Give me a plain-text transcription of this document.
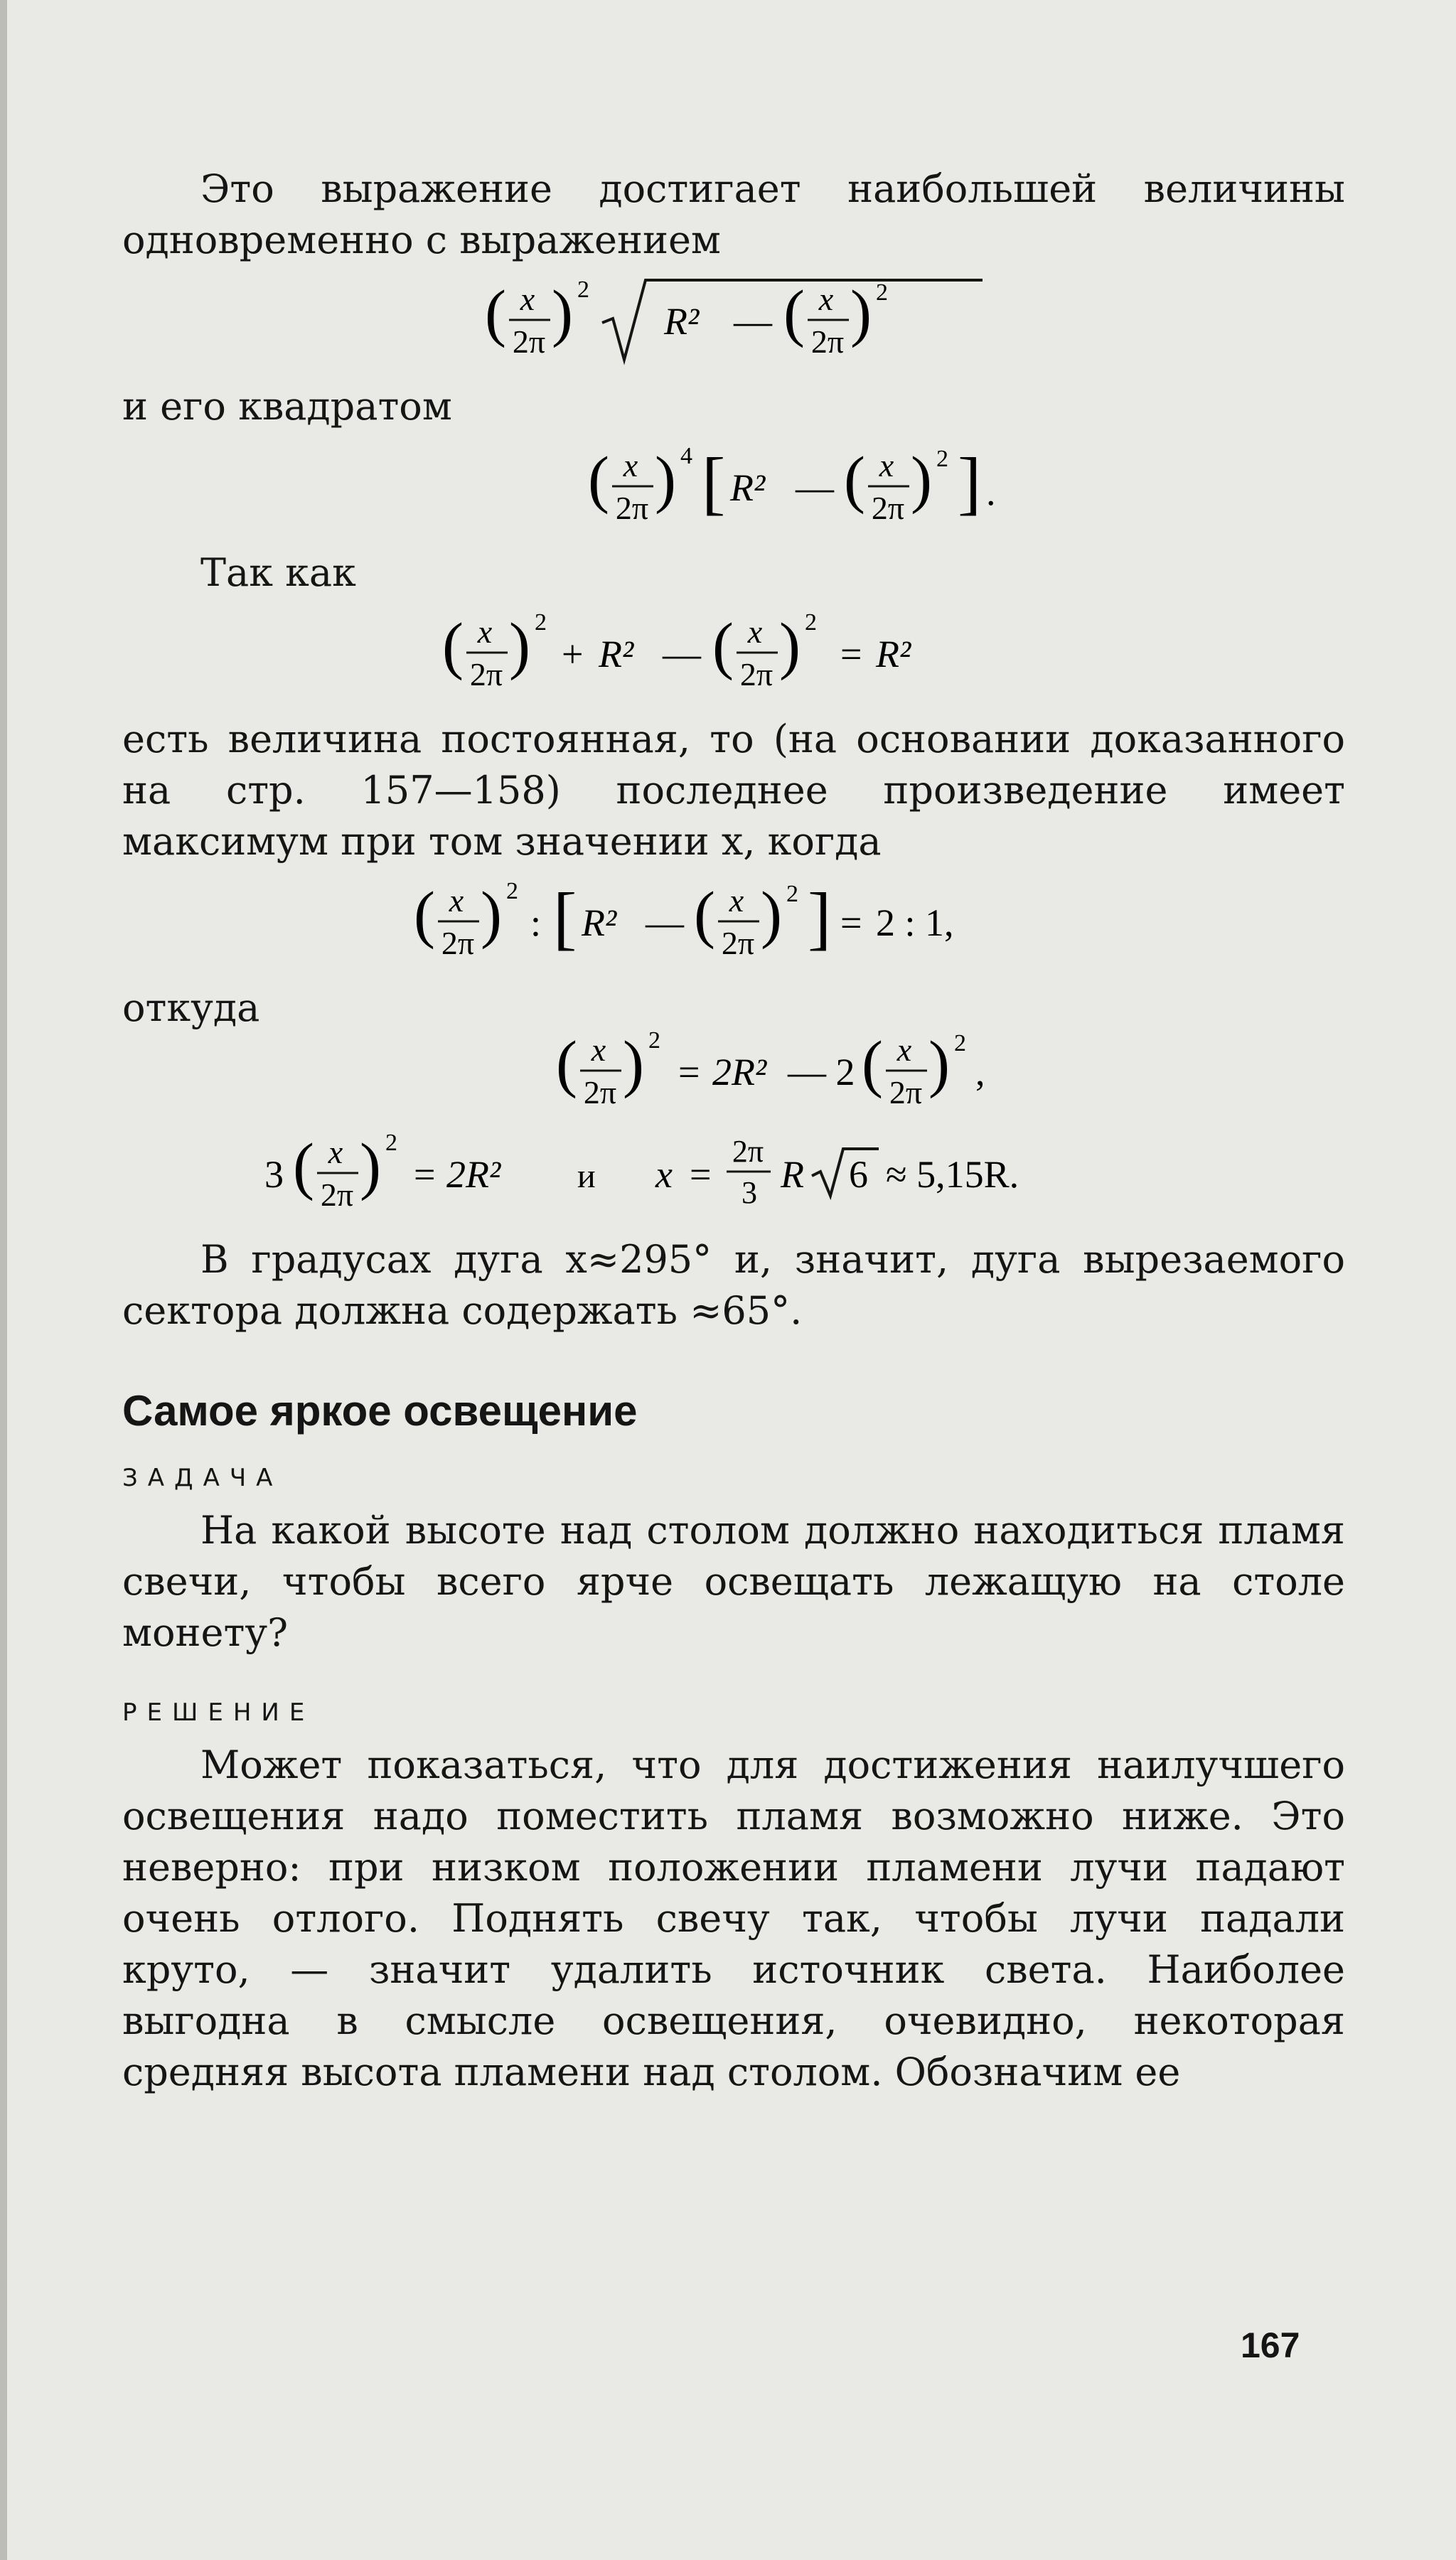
Это выражение достигает наибольшей величины одновременно с выражением

( x
2π ) 2
R² — ( x
2π ) 2

и его квадратом

( x
2π ) 4 [ R² — ( x
2π ) 2 ] .

Так как

( x
2π ) 2
+ R² — ( x
2π ) 2
= R²

есть величина постоянная, то (на основании доказанного на стр. 157—158) последнее произведение имеет максимум при том значении x, когда

( x
2π ) 2
: [ R² — ( x
2π ) 2 ] = 2 : 1,

откуда

( x
2π ) 2
= 2R² — 2 ( x
2π ) 2
,
3 ( x
2π ) 2
= 2R² и x =
2π
3 R 6 ≈ 5,15R.

В градусах дуга x≈295° и, значит, дуга вырезаемого сектора должна содержать ≈65°.

Самое яркое освещение
ЗАДАЧА

На какой высоте над столом должно находиться пламя свечи, чтобы всего ярче освещать лежащую на столе монету?

РЕШЕНИЕ

Может показаться, что для достижения наилучшего освещения надо поместить пламя возможно ниже. Это неверно: при низком положении пламени лучи падают очень отлого. Поднять свечу так, чтобы лучи падали круто, — значит удалить источник света. Наиболее выгодна в смысле освещения, очевидно, некоторая средняя высота пламени над столом. Обозначим ее

167
